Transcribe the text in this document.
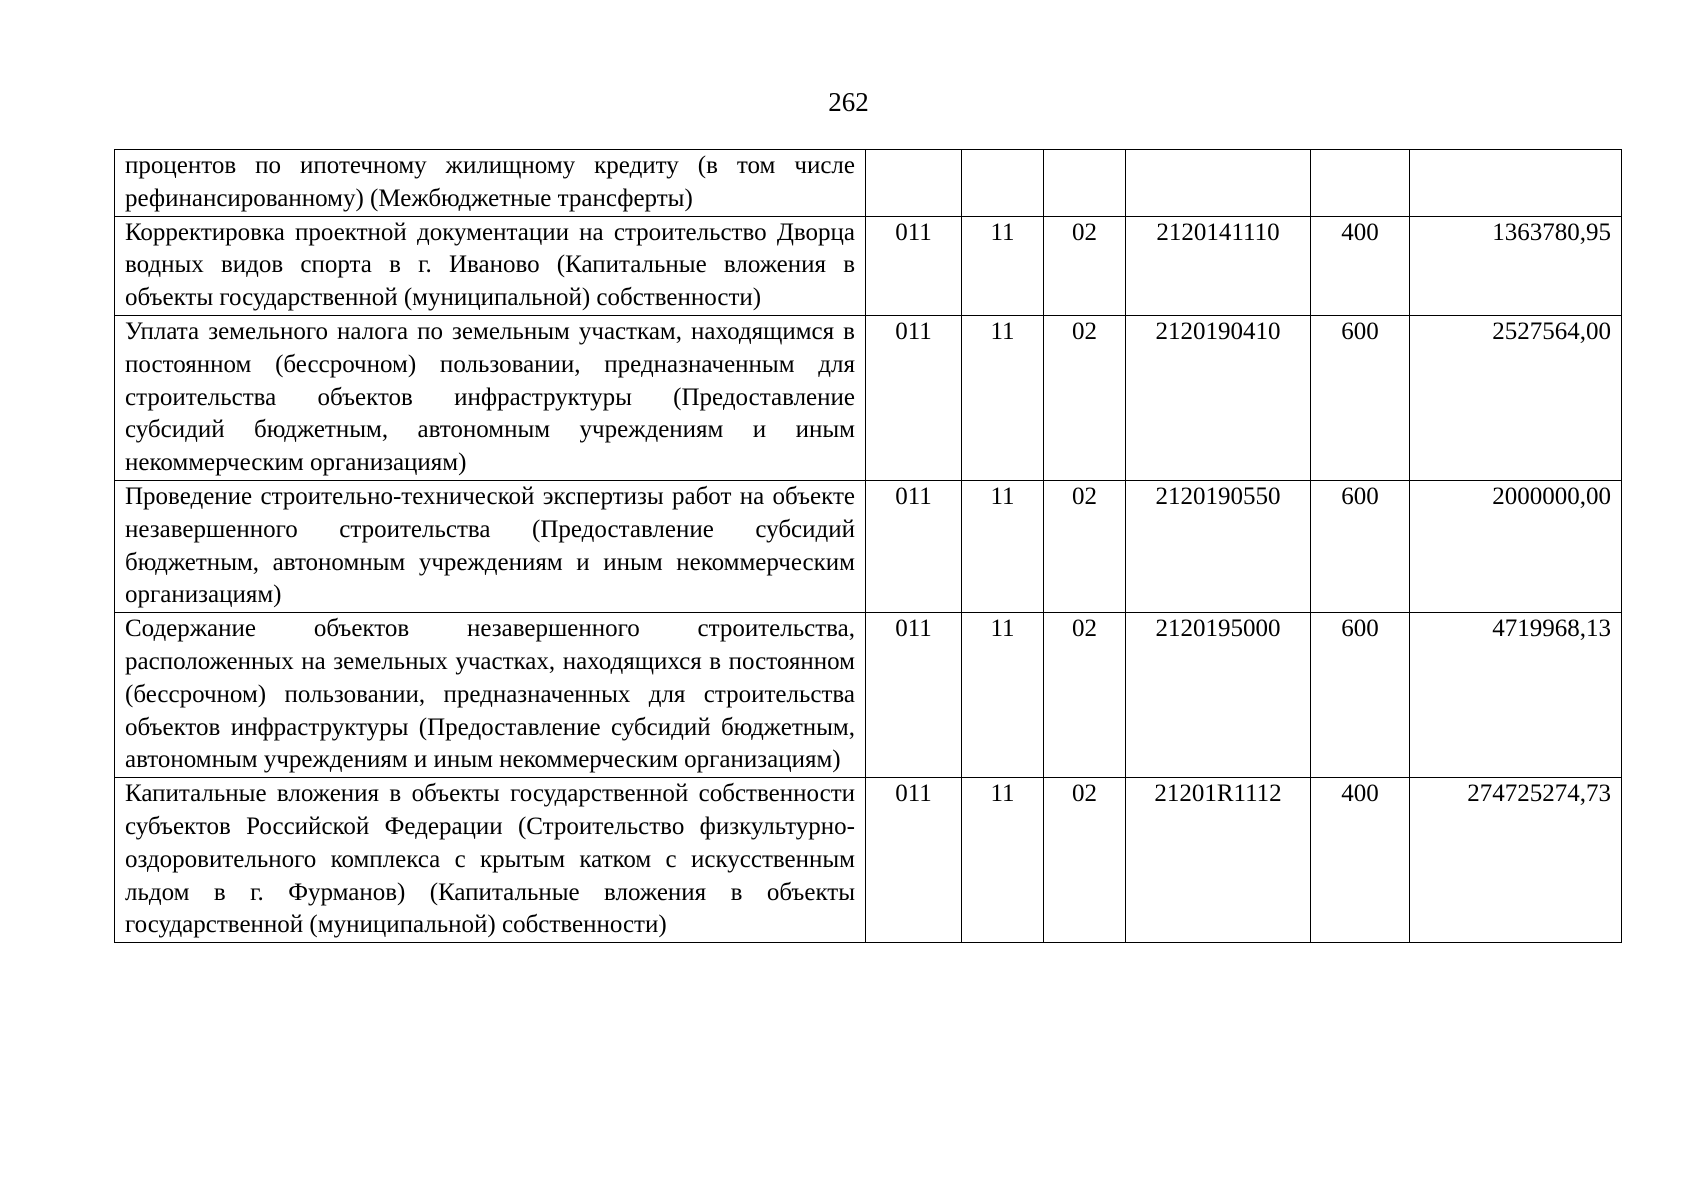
262
процентов по ипотечному жилищному кредиту (в том числе рефинансированному) (Межбюджетные трансферты)						
Корректировка проектной документации на строительство Дворца водных видов спорта в г. Иваново (Капитальные вложения в объекты государственной (муниципальной) собственности)	011	11	02	2120141110	400	1363780,95
Уплата земельного налога по земельным участкам, находящимся в постоянном (бессрочном) пользовании, предназначенным для строительства объектов инфраструктуры (Предоставление субсидий бюджетным, автономным учреждениям и иным некоммерческим организациям)	011	11	02	2120190410	600	2527564,00
Проведение строительно-технической экспертизы работ на объекте незавершенного строительства (Предоставление субсидий бюджетным, автономным учреждениям и иным некоммерческим организациям)	011	11	02	2120190550	600	2000000,00
Содержание объектов незавершенного строительства, расположенных на земельных участках, находящихся в постоянном (бессрочном) пользовании, предназначенных для строительства объектов инфраструктуры (Предоставление субсидий бюджетным, автономным учреждениям и иным некоммерческим организациям)	011	11	02	2120195000	600	4719968,13
Капитальные вложения в объекты государственной собственности субъектов Российской Федерации (Строительство физкультурно-оздоровительного комплекса с крытым катком с искусственным льдом в г. Фурманов) (Капитальные вложения в объекты государственной (муниципальной) собственности)	011	11	02	21201R1112	400	274725274,73
